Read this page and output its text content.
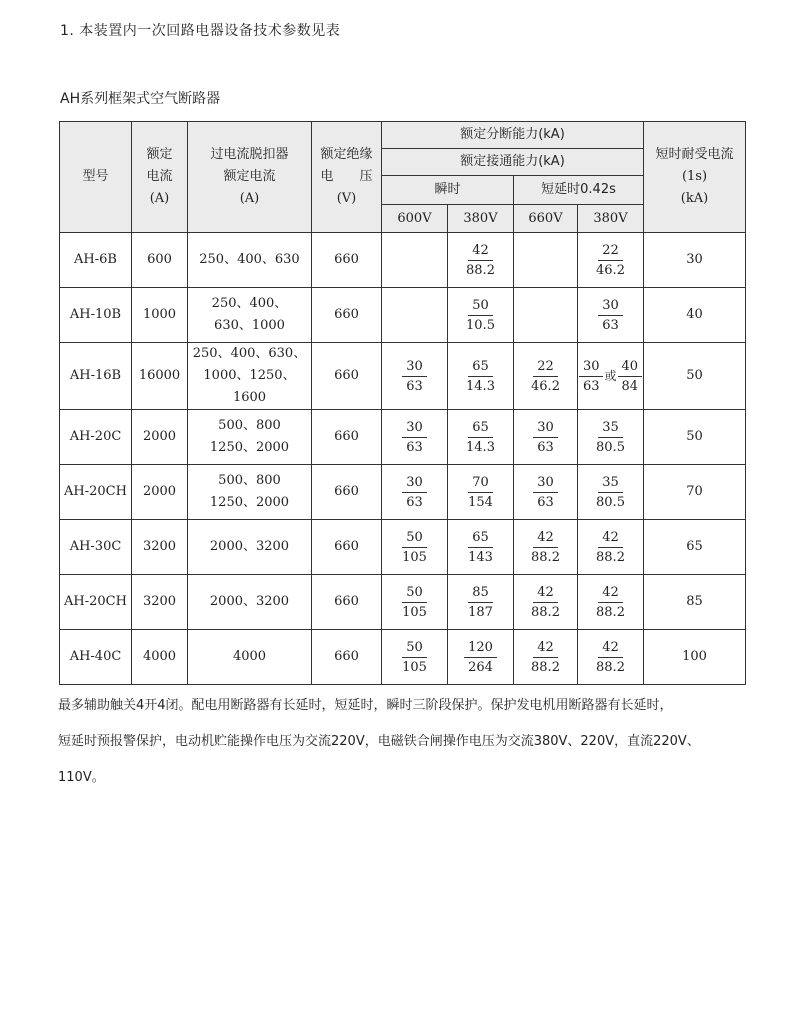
1. 本装置内一次回路电器设备技术参数见表
AH系列框架式空气断路器
型号	额定
电流
(A)	过电流脱扣器
额定电流
(A)	额定绝缘
电　　压
(V)	额定分断能力(kA)				短时耐受电流
(1s)
(kA)

				额定接通能力(kA)				
				瞬时		短延时0.42s		
				600V	380V	660V	380V	
AH-6B	600	250、400、630	660		$\frac{42}{88.2}$		$\frac{22}{46.2}$	30
AH-10B	1000	250、400、
630、1000	660		$\frac{50}{10.5}$		$\frac{30}{63}$	40
AH-16B	16000	250、400、630、
1000、1250、1600	660	$\frac{30}{63}$	$\frac{65}{14.3}$	$\frac{22}{46.2}$	$\frac{30}{63}$ 或 $\frac{40}{84}$	50
AH-20C	2000	500、800
1250、2000	660	$\frac{30}{63}$	$\frac{65}{14.3}$	$\frac{30}{63}$	$\frac{35}{80.5}$	50
AH-20CH	2000	500、800
1250、2000	660	$\frac{30}{63}$	$\frac{70}{154}$	$\frac{30}{63}$	$\frac{35}{80.5}$	70
AH-30C	3200	2000、3200	660	$\frac{50}{105}$	$\frac{65}{143}$	$\frac{42}{88.2}$	$\frac{42}{88.2}$	65
AH-20CH	3200	2000、3200	660	$\frac{50}{105}$	$\frac{85}{187}$	$\frac{42}{88.2}$	$\frac{42}{88.2}$	85
AH-40C	4000	4000	660	$\frac{50}{105}$	$\frac{120}{264}$	$\frac{42}{88.2}$	$\frac{42}{88.2}$	100

最多辅助触关4开4闭。配电用断路器有长延时，短延时，瞬时三阶段保护。保护发电机用断路器有长延时，

短延时预报警保护，电动机贮能操作电压为交流220V，电磁铁合闸操作电压为交流380V、220V，直流220V、

110V。
